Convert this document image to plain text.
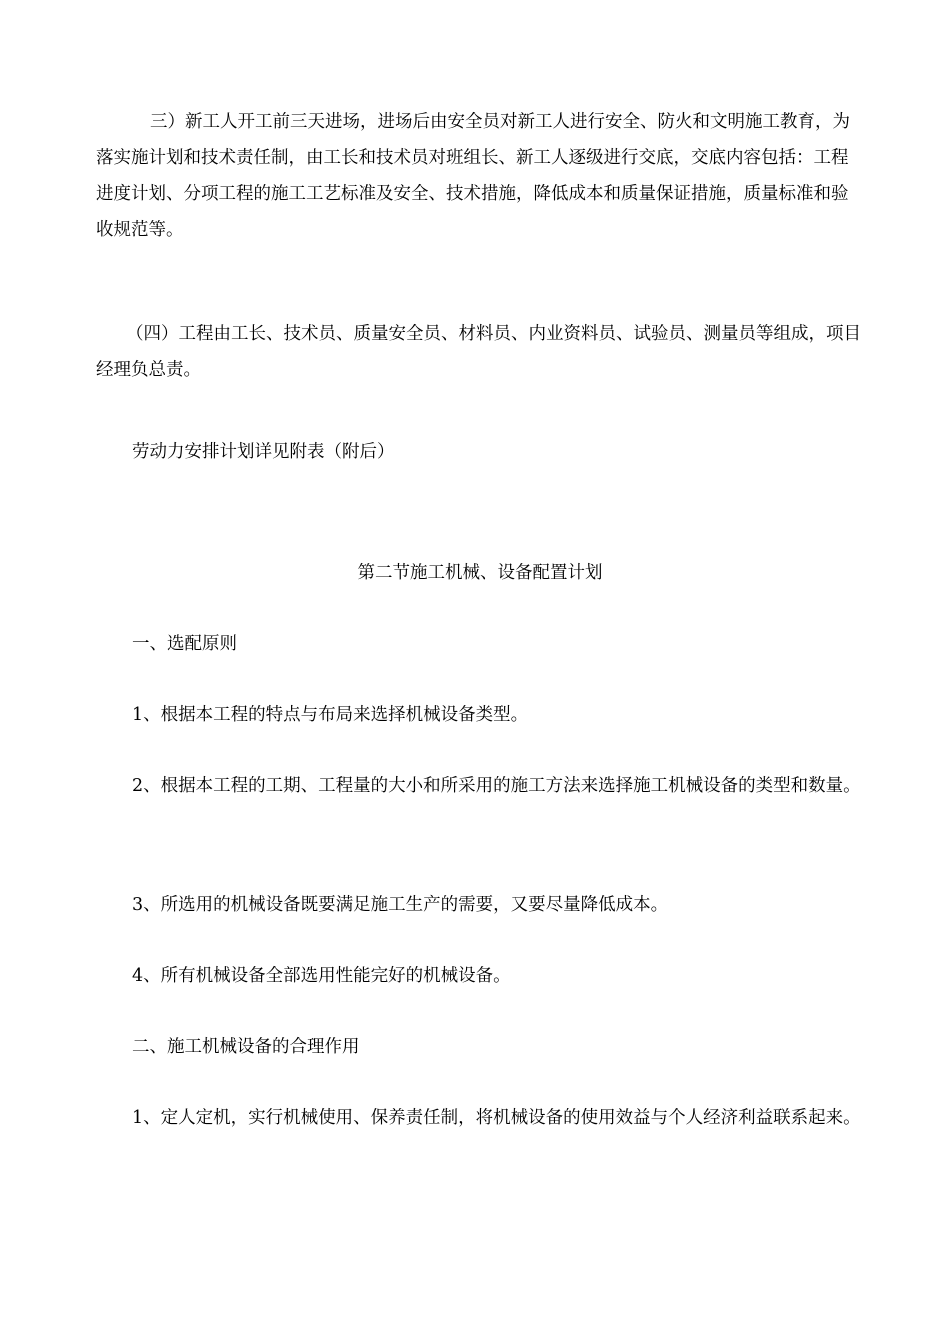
三）新工人开工前三天进场，进场后由安全员对新工人进行安全、防火和文明施工教育，为落实施计划和技术责任制，由工长和技术员对班组长、新工人逐级进行交底，交底内容包括：工程进度计划、分项工程的施工工艺标准及安全、技术措施，降低成本和质量保证措施，质量标准和验收规范等。

（四）工程由工长、技术员、质量安全员、材料员、内业资料员、试验员、测量员等组成，项目经理负总责。

劳动力安排计划详见附表（附后）

第二节施工机械、设备配置计划

一、选配原则

1、根据本工程的特点与布局来选择机械设备类型。

2、根据本工程的工期、工程量的大小和所采用的施工方法来选择施工机械设备的类型和数量。

3、所选用的机械设备既要满足施工生产的需要，又要尽量降低成本。

4、所有机械设备全部选用性能完好的机械设备。

二、施工机械设备的合理作用

1、定人定机，实行机械使用、保养责任制，将机械设备的使用效益与个人经济利益联系起来。
